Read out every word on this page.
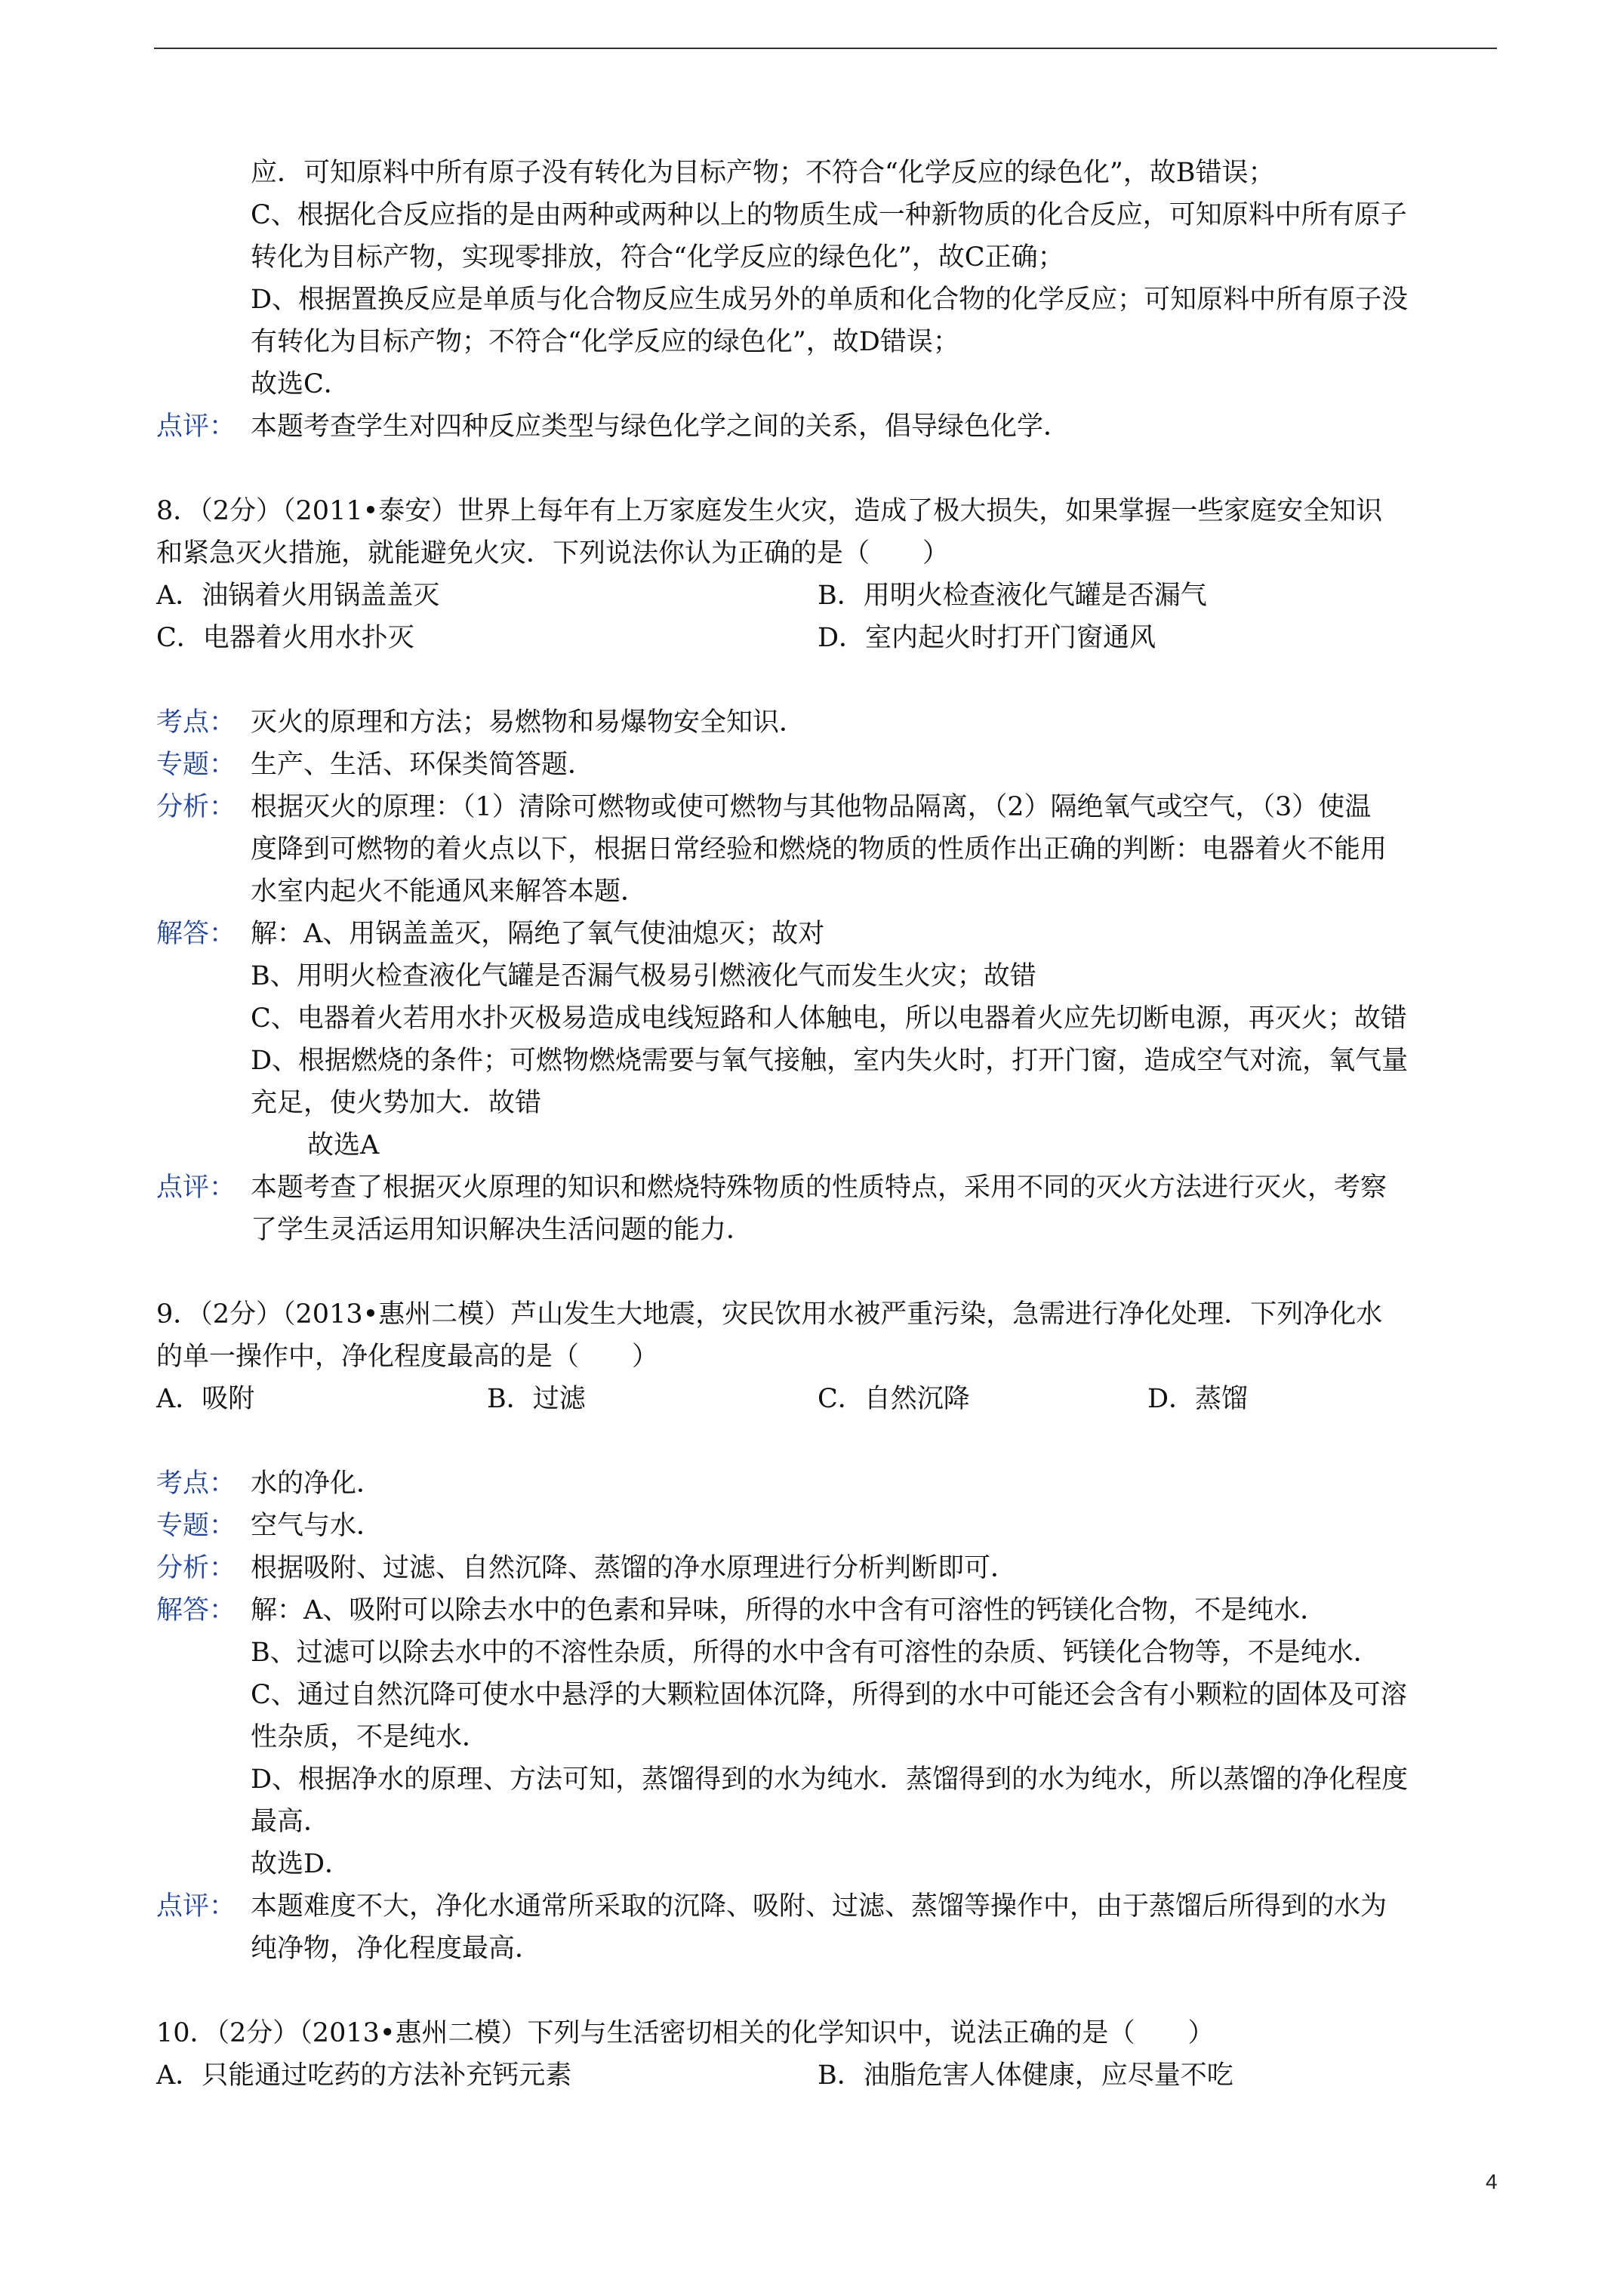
应．可知原料中所有原子没有转化为目标产物；不符合“化学反应的绿色化”，故B错误；
C、根据化合反应指的是由两种或两种以上的物质生成一种新物质的化合反应，可知原料中所有原子
转化为目标产物，实现零排放，符合“化学反应的绿色化”，故C正确；
D、根据置换反应是单质与化合物反应生成另外的单质和化合物的化学反应；可知原料中所有原子没
有转化为目标产物；不符合“化学反应的绿色化”，故D错误；
故选C．
点评： 本题考查学生对四种反应类型与绿色化学之间的关系，倡导绿色化学．
8．（2分）（2011•泰安）世界上每年有上万家庭发生火灾，造成了极大损失，如果掌握一些家庭安全知识
和紧急灭火措施，就能避免火灾．下列说法你认为正确的是（　　）
A．油锅着火用锅盖盖灭	B．用明火检查液化气罐是否漏气
C．电器着火用水扑灭	D．室内起火时打开门窗通风
考点： 灭火的原理和方法；易燃物和易爆物安全知识．
专题： 生产、生活、环保类简答题．
分析： 根据灭火的原理：（1）清除可燃物或使可燃物与其他物品隔离，（2）隔绝氧气或空气，（3）使温
度降到可燃物的着火点以下，根据日常经验和燃烧的物质的性质作出正确的判断：电器着火不能用
水室内起火不能通风来解答本题．
解答： 解：A、用锅盖盖灭，隔绝了氧气使油熄灭；故对
B、用明火检查液化气罐是否漏气极易引燃液化气而发生火灾；故错
C、电器着火若用水扑灭极易造成电线短路和人体触电，所以电器着火应先切断电源，再灭火；故错
D、根据燃烧的条件；可燃物燃烧需要与氧气接触，室内失火时，打开门窗，造成空气对流，氧气量
充足，使火势加大．故错
故选A
点评： 本题考查了根据灭火原理的知识和燃烧特殊物质的性质特点，采用不同的灭火方法进行灭火，考察
了学生灵活运用知识解决生活问题的能力．
9．（2分）（2013•惠州二模）芦山发生大地震，灾民饮用水被严重污染，急需进行净化处理．下列净化水
的单一操作中，净化程度最高的是（　　）
A．吸附	B．过滤	C．自然沉降	D．蒸馏
考点： 水的净化．
专题： 空气与水．
分析： 根据吸附、过滤、自然沉降、蒸馏的净水原理进行分析判断即可．
解答： 解：A、吸附可以除去水中的色素和异味，所得的水中含有可溶性的钙镁化合物，不是纯水．
B、过滤可以除去水中的不溶性杂质，所得的水中含有可溶性的杂质、钙镁化合物等，不是纯水．
C、通过自然沉降可使水中悬浮的大颗粒固体沉降，所得到的水中可能还会含有小颗粒的固体及可溶
性杂质，不是纯水．
D、根据净水的原理、方法可知，蒸馏得到的水为纯水．蒸馏得到的水为纯水，所以蒸馏的净化程度
最高．
故选D．
点评： 本题难度不大，净化水通常所采取的沉降、吸附、过滤、蒸馏等操作中，由于蒸馏后所得到的水为
纯净物，净化程度最高．
10．（2分）（2013•惠州二模）下列与生活密切相关的化学知识中，说法正确的是（　　）
A．只能通过吃药的方法补充钙元素	B．油脂危害人体健康，应尽量不吃
4
